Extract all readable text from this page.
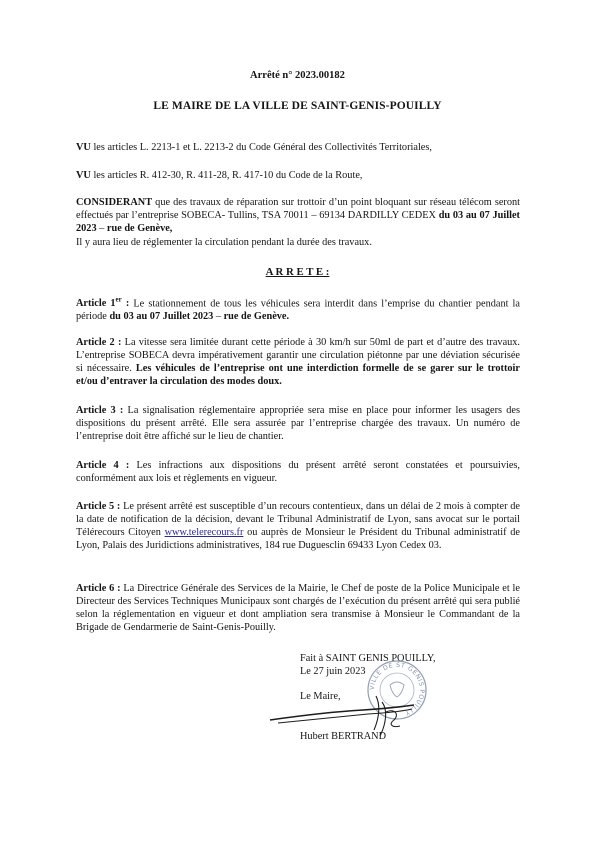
Arrêté n° 2023.00182
LE MAIRE DE LA VILLE DE SAINT-GENIS-POUILLY
VU les articles L. 2213-1 et L. 2213-2 du Code Général des Collectivités Territoriales,
VU les articles R. 412-30, R. 411-28, R. 417-10 du Code de la Route,
CONSIDERANT que des travaux de réparation sur trottoir d’un point bloquant sur réseau télécom seront effectués par l’entreprise SOBECA- Tullins, TSA 70011 – 69134 DARDILLY CEDEX du 03 au 07 Juillet 2023 – rue de Genève,
Il y aura lieu de réglementer la circulation pendant la durée des travaux.
A R R E T E :
Article 1er : Le stationnement de tous les véhicules sera interdit dans l’emprise du chantier pendant la période du 03 au 07 Juillet 2023 – rue de Genève.
Article 2 : La vitesse sera limitée durant cette période à 30 km/h sur 50ml de part et d’autre des travaux. L’entreprise SOBECA devra impérativement garantir une circulation piétonne par une déviation sécurisée si nécessaire. Les véhicules de l’entreprise ont une interdiction formelle de se garer sur le trottoir et/ou d’entraver la circulation des modes doux.
Article 3 : La signalisation réglementaire appropriée sera mise en place pour informer les usagers des dispositions du présent arrêté. Elle sera assurée par l’entreprise chargée des travaux. Un numéro de l’entreprise doit être affiché sur le lieu de chantier.
Article 4 : Les infractions aux dispositions du présent arrêté seront constatées et poursuivies, conformément aux lois et règlements en vigueur.
Article 5 : Le présent arrêté est susceptible d’un recours contentieux, dans un délai de 2 mois à compter de la date de notification de la décision, devant le Tribunal Administratif de Lyon, sans avocat sur le portail Télérecours Citoyen www.telerecours.fr ou auprès de Monsieur le Président du Tribunal administratif de Lyon, Palais des Juridictions administratives, 184 rue Duguesclin 69433 Lyon Cedex 03.
Article 6 : La Directrice Générale des Services de la Mairie, le Chef de poste de la Police Municipale et le Directeur des Services Techniques Municipaux sont chargés de l’exécution du présent arrêté qui sera publié selon la réglementation en vigueur et dont ampliation sera transmise à Monsieur le Commandant de la Brigade de Gendarmerie de Saint-Genis-Pouilly.
Fait à SAINT GENIS POUILLY,
Le 27 juin 2023
Le Maire,
Hubert BERTRAND
VILLE DE ST GENIS POUILLY
